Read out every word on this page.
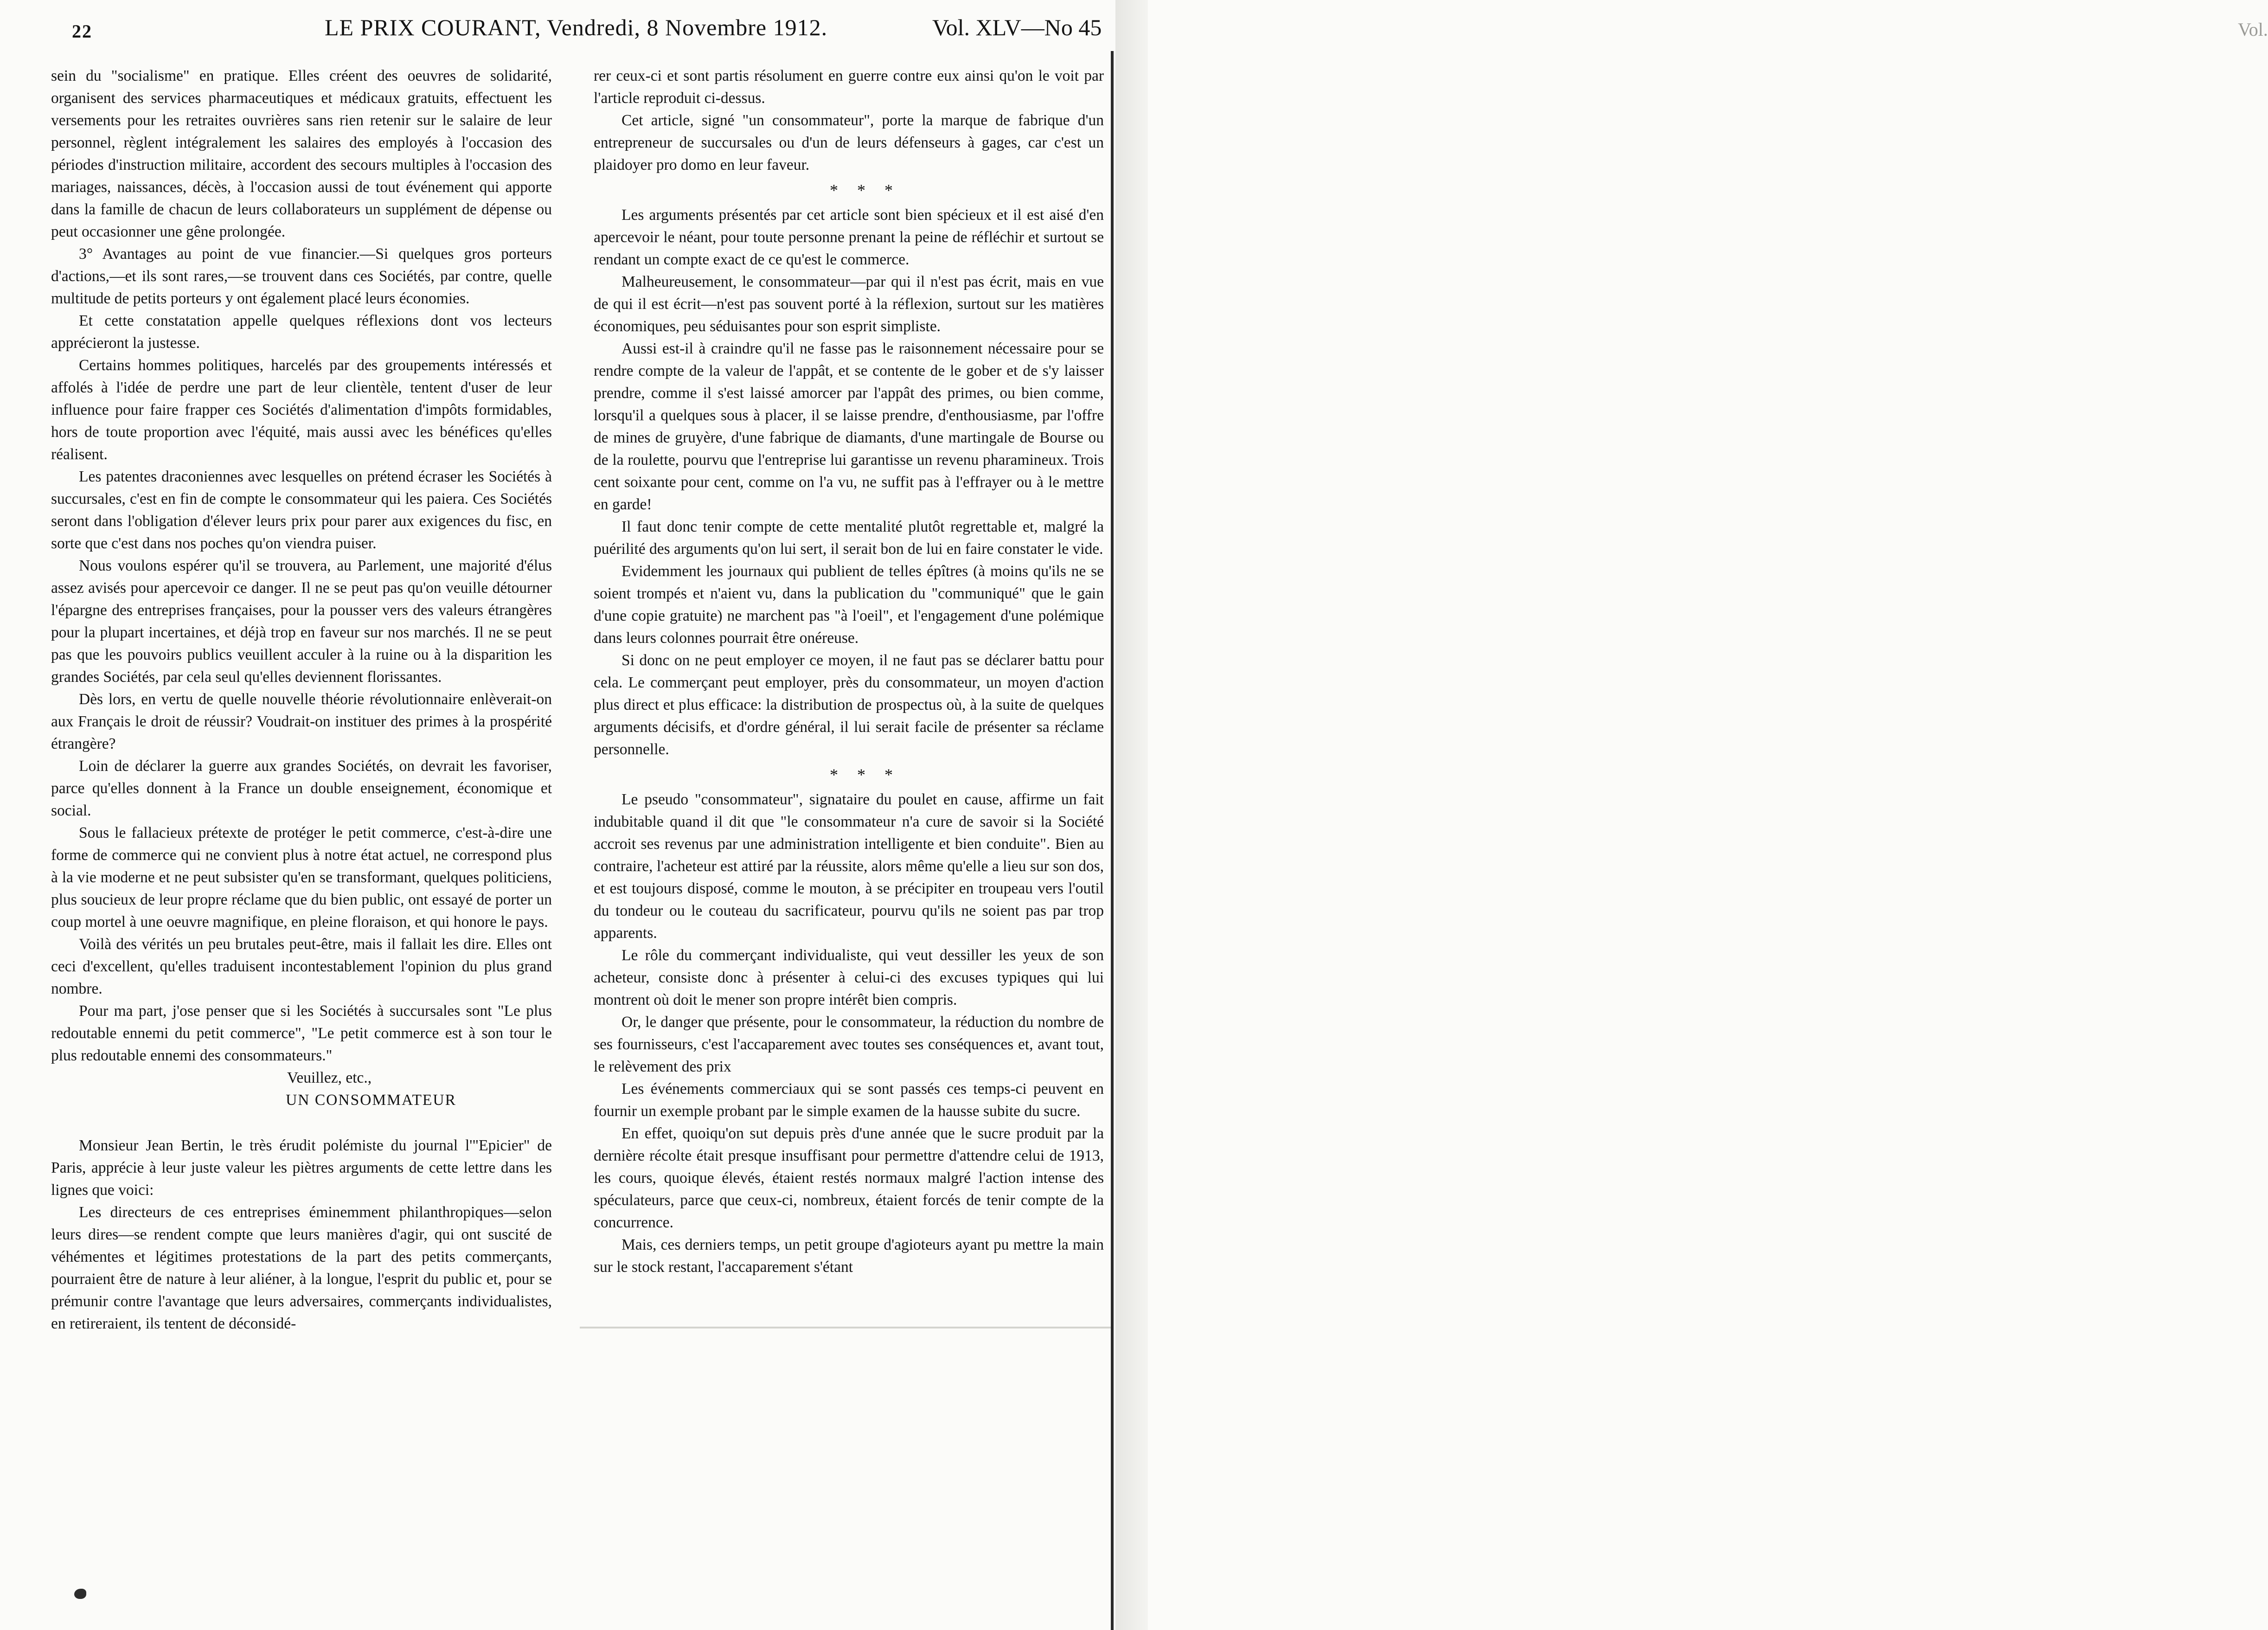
22	LE PRIX COURANT, Vendredi, 8 Novembre 1912.	Vol. XLV—No 45

sein du "socialisme" en pratique. Elles créent des oeuvres de solidarité, organisent des services pharmaceutiques et médicaux gratuits, effectuent les versements pour les retraites ouvrières sans rien retenir sur le salaire de leur personnel, règlent intégralement les salaires des employés à l'occasion des périodes d'instruction militaire, accordent des secours multiples à l'occasion des mariages, naissances, décès, à l'occasion aussi de tout événement qui apporte dans la famille de chacun de leurs collaborateurs un supplément de dépense ou peut occasionner une gêne prolongée.

3° Avantages au point de vue financier.—Si quelques gros porteurs d'actions,—et ils sont rares,—se trouvent dans ces Sociétés, par contre, quelle multitude de petits porteurs y ont également placé leurs économies.

Et cette constatation appelle quelques réflexions dont vos lecteurs apprécieront la justesse.

Certains hommes politiques, harcelés par des groupements intéressés et affolés à l'idée de perdre une part de leur clientèle, tentent d'user de leur influence pour faire frapper ces Sociétés d'alimentation d'impôts formidables, hors de toute proportion avec l'équité, mais aussi avec les bénéfices qu'elles réalisent.

Les patentes draconiennes avec lesquelles on prétend écraser les Sociétés à succursales, c'est en fin de compte le consommateur qui les paiera. Ces Sociétés seront dans l'obligation d'élever leurs prix pour parer aux exigences du fisc, en sorte que c'est dans nos poches qu'on viendra puiser.

Nous voulons espérer qu'il se trouvera, au Parlement, une majorité d'élus assez avisés pour apercevoir ce danger. Il ne se peut pas qu'on veuille détourner l'épargne des entreprises françaises, pour la pousser vers des valeurs étrangères pour la plupart incertaines, et déjà trop en faveur sur nos marchés. Il ne se peut pas que les pouvoirs publics veuillent acculer à la ruine ou à la disparition les grandes Sociétés, par cela seul qu'elles deviennent florissantes.

Dès lors, en vertu de quelle nouvelle théorie révolutionnaire enlèverait-on aux Français le droit de réussir? Voudrait-on instituer des primes à la prospérité étrangère?

Loin de déclarer la guerre aux grandes Sociétés, on devrait les favoriser, parce qu'elles donnent à la France un double enseignement, économique et social.

Sous le fallacieux prétexte de protéger le petit commerce, c'est-à-dire une forme de commerce qui ne convient plus à notre état actuel, ne correspond plus à la vie moderne et ne peut subsister qu'en se transformant, quelques politiciens, plus soucieux de leur propre réclame que du bien public, ont essayé de porter un coup mortel à une oeuvre magnifique, en pleine floraison, et qui honore le pays.

Voilà des vérités un peu brutales peut-être, mais il fallait les dire. Elles ont ceci d'excellent, qu'elles traduisent incontestablement l'opinion du plus grand nombre.

Pour ma part, j'ose penser que si les Sociétés à succursales sont "Le plus redoutable ennemi du petit commerce", "Le petit commerce est à son tour le plus redoutable ennemi des consommateurs."

Veuillez, etc.,

UN CONSOMMATEUR

Monsieur Jean Bertin, le très érudit polémiste du journal l'"Epicier" de Paris, apprécie à leur juste valeur les piètres arguments de cette lettre dans les lignes que voici:

Les directeurs de ces entreprises éminemment philanthropiques—selon leurs dires—se rendent compte que leurs manières d'agir, qui ont suscité de véhémentes et légitimes protestations de la part des petits commerçants, pourraient être de nature à leur aliéner, à la longue, l'esprit du public et, pour se prémunir contre l'avantage que leurs adversaires, commerçants individualistes, en retireraient, ils tentent de déconsidé-

rer ceux-ci et sont partis résolument en guerre contre eux ainsi qu'on le voit par l'article reproduit ci-dessus.

Cet article, signé "un consommateur", porte la marque de fabrique d'un entrepreneur de succursales ou d'un de leurs défenseurs à gages, car c'est un plaidoyer pro domo en leur faveur.

* * *

Les arguments présentés par cet article sont bien spécieux et il est aisé d'en apercevoir le néant, pour toute personne prenant la peine de réfléchir et surtout se rendant un compte exact de ce qu'est le commerce.

Malheureusement, le consommateur—par qui il n'est pas écrit, mais en vue de qui il est écrit—n'est pas souvent porté à la réflexion, surtout sur les matières économiques, peu séduisantes pour son esprit simpliste.

Aussi est-il à craindre qu'il ne fasse pas le raisonnement nécessaire pour se rendre compte de la valeur de l'appât, et se contente de le gober et de s'y laisser prendre, comme il s'est laissé amorcer par l'appât des primes, ou bien comme, lorsqu'il a quelques sous à placer, il se laisse prendre, d'enthousiasme, par l'offre de mines de gruyère, d'une fabrique de diamants, d'une martingale de Bourse ou de la roulette, pourvu que l'entreprise lui garantisse un revenu pharamineux. Trois cent soixante pour cent, comme on l'a vu, ne suffit pas à l'effrayer ou à le mettre en garde!

Il faut donc tenir compte de cette mentalité plutôt regrettable et, malgré la puérilité des arguments qu'on lui sert, il serait bon de lui en faire constater le vide.

Evidemment les journaux qui publient de telles épîtres (à moins qu'ils ne se soient trompés et n'aient vu, dans la publication du "communiqué" que le gain d'une copie gratuite) ne marchent pas "à l'oeil", et l'engagement d'une polémique dans leurs colonnes pourrait être onéreuse.

Si donc on ne peut employer ce moyen, il ne faut pas se déclarer battu pour cela. Le commerçant peut employer, près du consommateur, un moyen d'action plus direct et plus efficace: la distribution de prospectus où, à la suite de quelques arguments décisifs, et d'ordre général, il lui serait facile de présenter sa réclame personnelle.

* * *

Le pseudo "consommateur", signataire du poulet en cause, affirme un fait indubitable quand il dit que "le consommateur n'a cure de savoir si la Société accroit ses revenus par une administration intelligente et bien conduite". Bien au contraire, l'acheteur est attiré par la réussite, alors même qu'elle a lieu sur son dos, et est toujours disposé, comme le mouton, à se précipiter en troupeau vers l'outil du tondeur ou le couteau du sacrificateur, pourvu qu'ils ne soient pas par trop apparents.

Le rôle du commerçant individualiste, qui veut dessiller les yeux de son acheteur, consiste donc à présenter à celui-ci des excuses typiques qui lui montrent où doit le mener son propre intérêt bien compris.

Or, le danger que présente, pour le consommateur, la réduction du nombre de ses fournisseurs, c'est l'accaparement avec toutes ses conséquences et, avant tout, le relèvement des prix

Les événements commerciaux qui se sont passés ces temps-ci peuvent en fournir un exemple probant par le simple examen de la hausse subite du sucre.

En effet, quoiqu'on sut depuis près d'une année que le sucre produit par la dernière récolte était presque insuffisant pour permettre d'attendre celui de 1913, les cours, quoique élevés, étaient restés normaux malgré l'action intense des spéculateurs, parce que ceux-ci, nombreux, étaient forcés de tenir compte de la concurrence.

Mais, ces derniers temps, un petit groupe d'agioteurs ayant pu mettre la main sur le stock restant, l'accaparement s'étant

Vol.
